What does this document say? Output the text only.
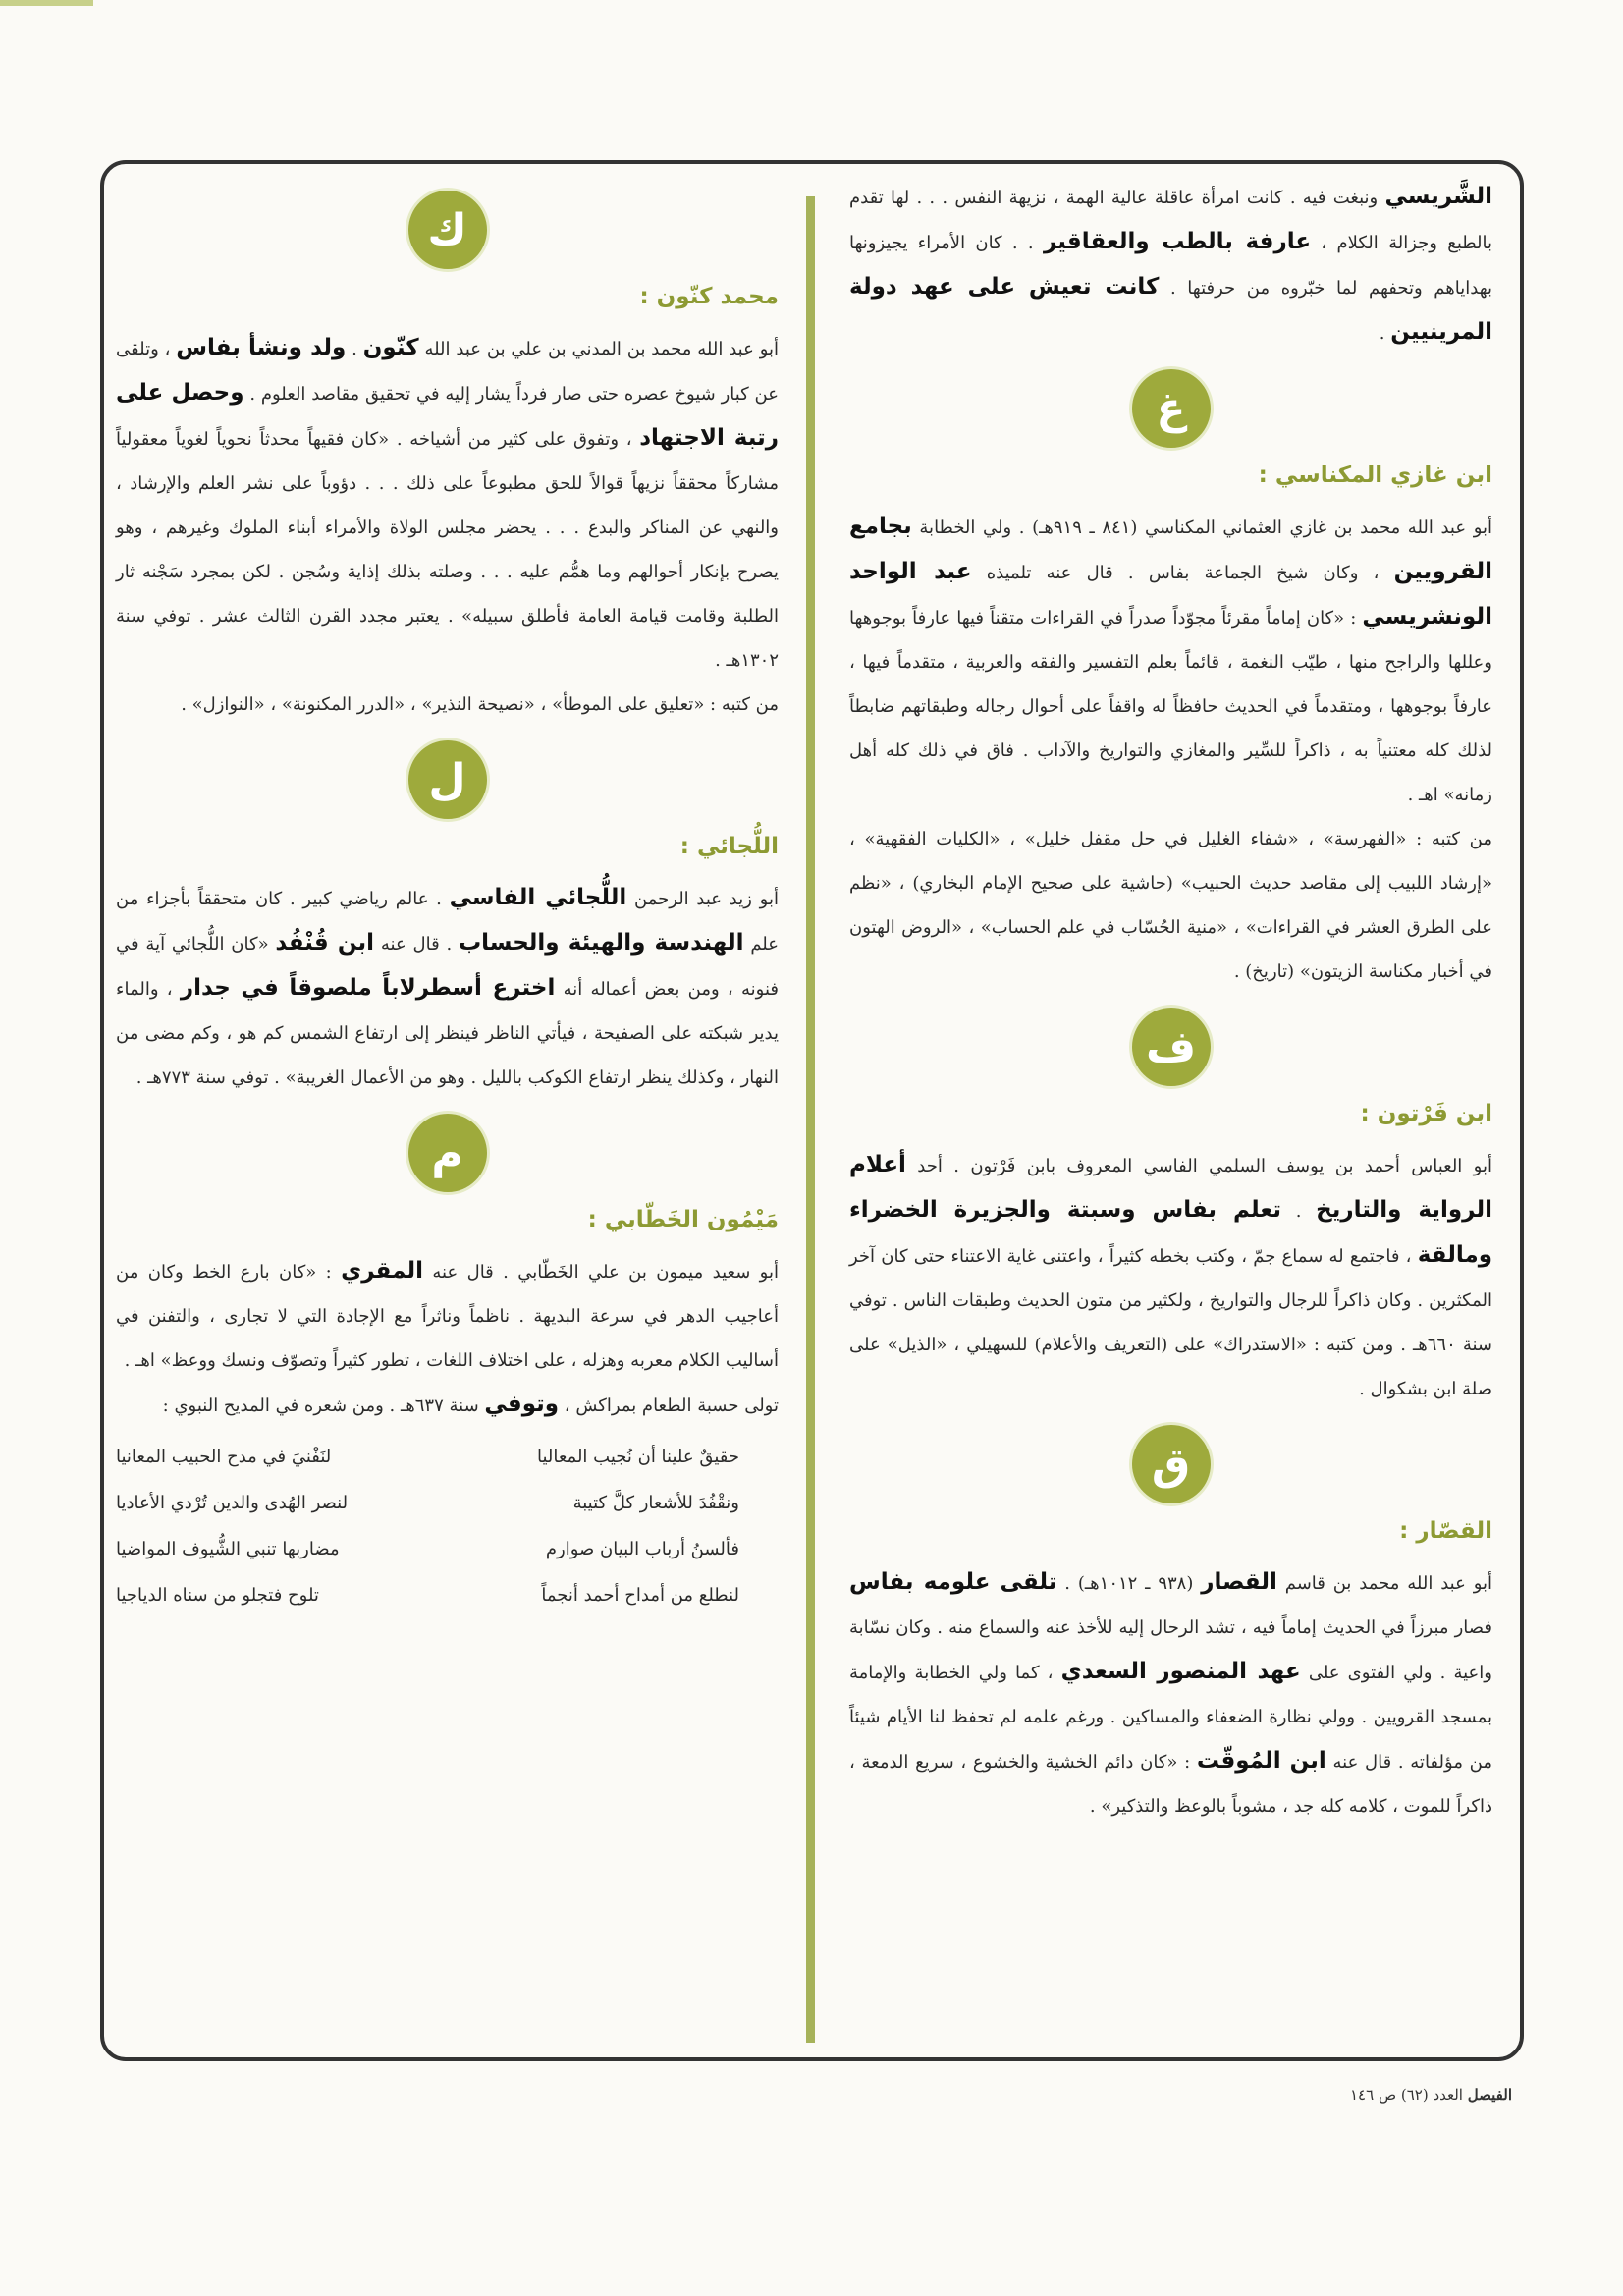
الشَّريسي ونبغت فيه . كانت امرأة عاقلة عالية الهمة ، نزيهة النفس . . . لها تقدم بالطبع وجزالة الكلام ، عارفة بالطب والعقاقير . . كان الأمراء يجيزونها بهداياهم وتحفهم لما خبّروه من حرفتها . كانت تعيش على عهد دولة المرينيين .

غ
ابن غازي المكناسي :

أبو عبد الله محمد بن غازي العثماني المكناسي (٨٤١ ـ ٩١٩هـ) . ولي الخطابة بجامع القرويين ، وكان شيخ الجماعة بفاس . قال عنه تلميذه عبد الواحد الونشريسي : «كان إماماً مقرئاً مجوّداً صدراً في القراءات متقناً فيها عارفاً بوجوهها وعللها والراجح منها ، طيّب النغمة ، قائماً بعلم التفسير والفقه والعربية ، متقدماً فيها ، عارفاً بوجوهها ، ومتقدماً في الحديث حافظاً له واقفاً على أحوال رجاله وطبقاتهم ضابطاً لذلك كله معتنياً به ، ذاكراً للسِّير والمغازي والتواريخ والآداب . فاق في ذلك كله أهل زمانه» اهـ .

من كتبه : «الفهرسة» ، «شفاء الغليل في حل مقفل خليل» ، «الكليات الفقهية» ، «إرشاد اللبيب إلى مقاصد حديث الحبيب» (حاشية على صحيح الإمام البخاري) ، «نظم على الطرق العشر في القراءات» ، «منية الحُسّاب في علم الحساب» ، «الروض الهتون في أخبار مكناسة الزيتون» (تاريخ) .

ف
ابن فَرْتون :

أبو العباس أحمد بن يوسف السلمي الفاسي المعروف بابن فَرْتون . أحد أعلام الرواية والتاريخ . تعلم بفاس وسبتة والجزيرة الخضراء ومالقة ، فاجتمع له سماع جمّ ، وكتب بخطه كثيراً ، واعتنى غاية الاعتناء حتى كان آخر المكثرين . وكان ذاكراً للرجال والتواريخ ، ولكثير من متون الحديث وطبقات الناس . توفي سنة ٦٦٠هـ . ومن كتبه : «الاستدراك» على (التعريف والأعلام) للسهيلي ، «الذيل» على صلة ابن بشكوال .

ق
القصّار :

أبو عبد الله محمد بن قاسم القصار (٩٣٨ ـ ١٠١٢هـ) . تلقى علومه بفاس فصار مبرزاً في الحديث إماماً فيه ، تشد الرحال إليه للأخذ عنه والسماع منه . وكان نسّابة واعية . ولي الفتوى على عهد المنصور السعدي ، كما ولي الخطابة والإمامة بمسجد القرويين . وولي نظارة الضعفاء والمساكين . ورغم علمه لم تحفظ لنا الأيام شيئاً من مؤلفاته . قال عنه ابن المُوقّت : «كان دائم الخشية والخشوع ، سريع الدمعة ، ذاكراً للموت ، كلامه كله جد ، مشوباً بالوعظ والتذكير» .

ك
محمد كنّون :

أبو عبد الله محمد بن المدني بن علي بن عبد الله كنّون . ولد ونشأ بفاس ، وتلقى عن كبار شيوخ عصره حتى صار فرداً يشار إليه في تحقيق مقاصد العلوم . وحصل على رتبة الاجتهاد ، وتفوق على كثير من أشياخه . «كان فقيهاً محدثاً نحوياً لغوياً معقولياً مشاركاً محققاً نزيهاً قوالاً للحق مطبوعاً على ذلك . . . دؤوباً على نشر العلم والإرشاد ، والنهي عن المناكر والبدع . . . يحضر مجلس الولاة والأمراء أبناء الملوك وغيرهم ، وهو يصرح بإنكار أحوالهم وما همُّم عليه . . . وصلته بذلك إذاية وسُجن . لكن بمجرد سَجْنه ثار الطلبة وقامت قيامة العامة فأطلق سبيله» . يعتبر مجدد القرن الثالث عشر . توفي سنة ١٣٠٢هـ .

من كتبه : «تعليق على الموطأ» ، «نصيحة النذير» ، «الدرر المكنونة» ، «النوازل» .

ل
اللُّجائي :

أبو زيد عبد الرحمن اللُّجائي الفاسي . عالم رياضي كبير . كان متحققاً بأجزاء من علم الهندسة والهيئة والحساب . قال عنه ابن قُنْفُد «كان اللُّجائي آية في فنونه ، ومن بعض أعماله أنه اخترع أسطرلاباً ملصوقاً في جدار ، والماء يدير شبكته على الصفيحة ، فيأتي الناظر فينظر إلى ارتفاع الشمس كم هو ، وكم مضى من النهار ، وكذلك ينظر ارتفاع الكوكب بالليل . وهو من الأعمال الغريبة» . توفي سنة ٧٧٣هـ .

م
مَيْمُون الخَطّابي :

أبو سعيد ميمون بن علي الخَطّابي . قال عنه المقري : «كان بارع الخط وكان من أعاجيب الدهر في سرعة البديهة . ناظماً وناثراً مع الإجادة التي لا تجارى ، والتفنن في أساليب الكلام معربه وهزله ، على اختلاف اللغات ، تطور كثيراً وتصوّف ونسك ووعظ» اهـ .

تولى حسبة الطعام بمراكش ، وتوفي سنة ٦٣٧هـ . ومن شعره في المديح النبوي :

حقيقٌ علينا أن نُجيب المعاليا
لنَفْنيَ في مدح الحبيب المعانيا
ونقْفُدَ للأشعار كلَّ كتيبة
لنصر الهُدى والدين تُرْدي الأعاديا
فألسنُ أرباب البيان صوارم
مضاربها تنبي الشُّيوف المواضيا
لنطلع من أمداح أحمد أنجماً
تلوح فتجلو من سناه الدياجيا
الفيصل العدد (٦٢) ص ١٤٦
